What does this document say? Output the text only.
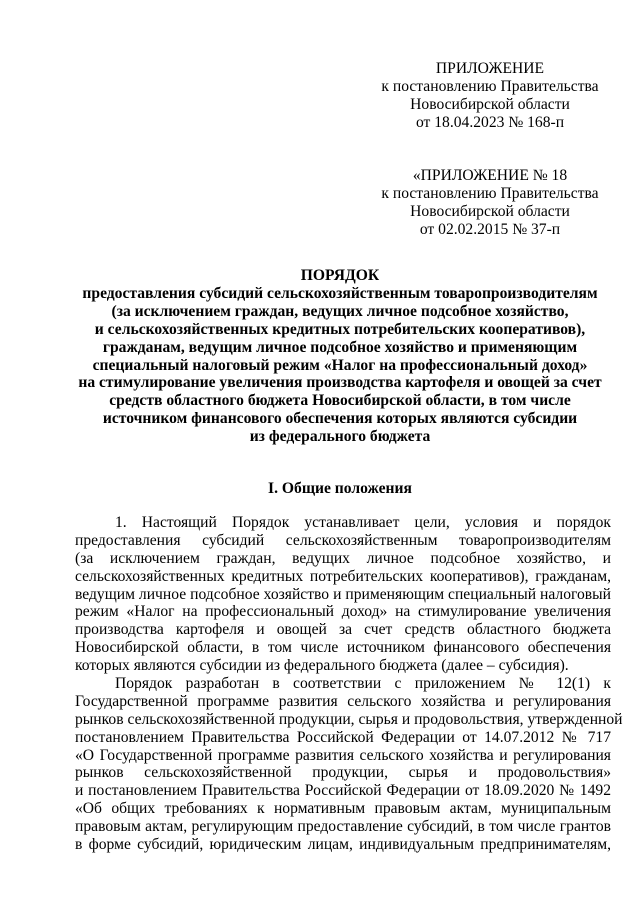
ПРИЛОЖЕНИЕ
к постановлению Правительства
Новосибирской области
от 18.04.2023 № 168-п
«ПРИЛОЖЕНИЕ № 18
к постановлению Правительства
Новосибирской области
от 02.02.2015 № 37-п
ПОРЯДОК
предоставления субсидий сельскохозяйственным товаропроизводителям
(за исключением граждан, ведущих личное подсобное хозяйство,
и сельскохозяйственных кредитных потребительских кооперативов),
гражданам, ведущим личное подсобное хозяйство и применяющим
специальный налоговый режим «Налог на профессиональный доход»
на стимулирование увеличения производства картофеля и овощей за счет
средств областного бюджета Новосибирской области, в том числе
источником финансового обеспечения которых являются субсидии
из федерального бюджета
I. Общие положения
1. Настоящий Порядок устанавливает цели, условия и порядок
предоставления субсидий сельскохозяйственным товаропроизводителям
(за исключением граждан, ведущих личное подсобное хозяйство, и
сельскохозяйственных кредитных потребительских кооперативов), гражданам,
ведущим личное подсобное хозяйство и применяющим специальный налоговый
режим «Налог на профессиональный доход» на стимулирование увеличения
производства картофеля и овощей за счет средств областного бюджета
Новосибирской области, в том числе источником финансового обеспечения
которых являются субсидии из федерального бюджета (далее – субсидия).
Порядок разработан в соответствии с приложением № 12(1) к
Государственной программе развития сельского хозяйства и регулирования
рынков сельскохозяйственной продукции, сырья и продовольствия, утвержденной
постановлением Правительства Российской Федерации от 14.07.2012 № 717
«О Государственной программе развития сельского хозяйства и регулирования
рынков сельскохозяйственной продукции, сырья и продовольствия»
и постановлением Правительства Российской Федерации от 18.09.2020 № 1492
«Об общих требованиях к нормативным правовым актам, муниципальным
правовым актам, регулирующим предоставление субсидий, в том числе грантов
в форме субсидий, юридическим лицам, индивидуальным предпринимателям,
